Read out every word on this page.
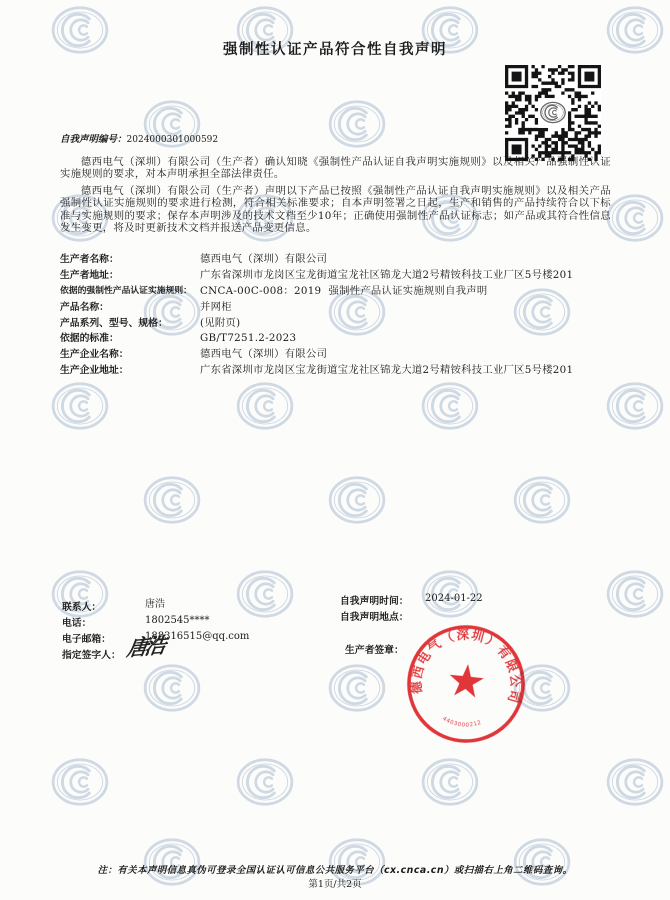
强制性认证产品符合性自我声明
自我声明编号：2024000301000592

德西电气（深圳）有限公司（生产者）确认知晓《强制性产品认证自我声明实施规则》以及相关产品强制性认证实施规则的要求，对本声明承担全部法律责任。

德西电气（深圳）有限公司（生产者）声明以下产品已按照《强制性产品认证自我声明实施规则》以及相关产品强制性认证实施规则的要求进行检测，符合相关标准要求；自本声明签署之日起，生产和销售的产品持续符合以下标准与实施规则的要求；保存本声明涉及的技术文档至少10年；正确使用强制性产品认证标志；如产品或其符合性信息发生变更，将及时更新技术文档并报送产品变更信息。

生产者名称：	德西电气（深圳）有限公司
生产者地址：	广东省深圳市龙岗区宝龙街道宝龙社区锦龙大道2号精铵科技工业厂区5号楼201
依据的强制性产品认证实施规则： CNCA-00C-008：2019  强制性产品认证实施规则自我声明
产品名称：	并网柜
产品系列、型号、规格：	(见附页)
依据的标准：	GB/T7251.2-2023
生产企业名称：	德西电气（深圳）有限公司
生产企业地址：	广东省深圳市龙岗区宝龙街道宝龙社区锦龙大道2号精铵科技工业厂区5号楼201
联系人：	唐浩
电话：	1802545****
电子邮箱：	188316515@qq.com
指定签字人： 唐浩
自我声明时间： 2024-01-22
自我声明地点：
生产者签章：
德西电气（深圳）有限公司
4403000212
注：有关本声明信息真伪可登录全国认证认可信息公共服务平台（cx.cnca.cn）或扫描右上角二维码查询。
第1页/共2页
